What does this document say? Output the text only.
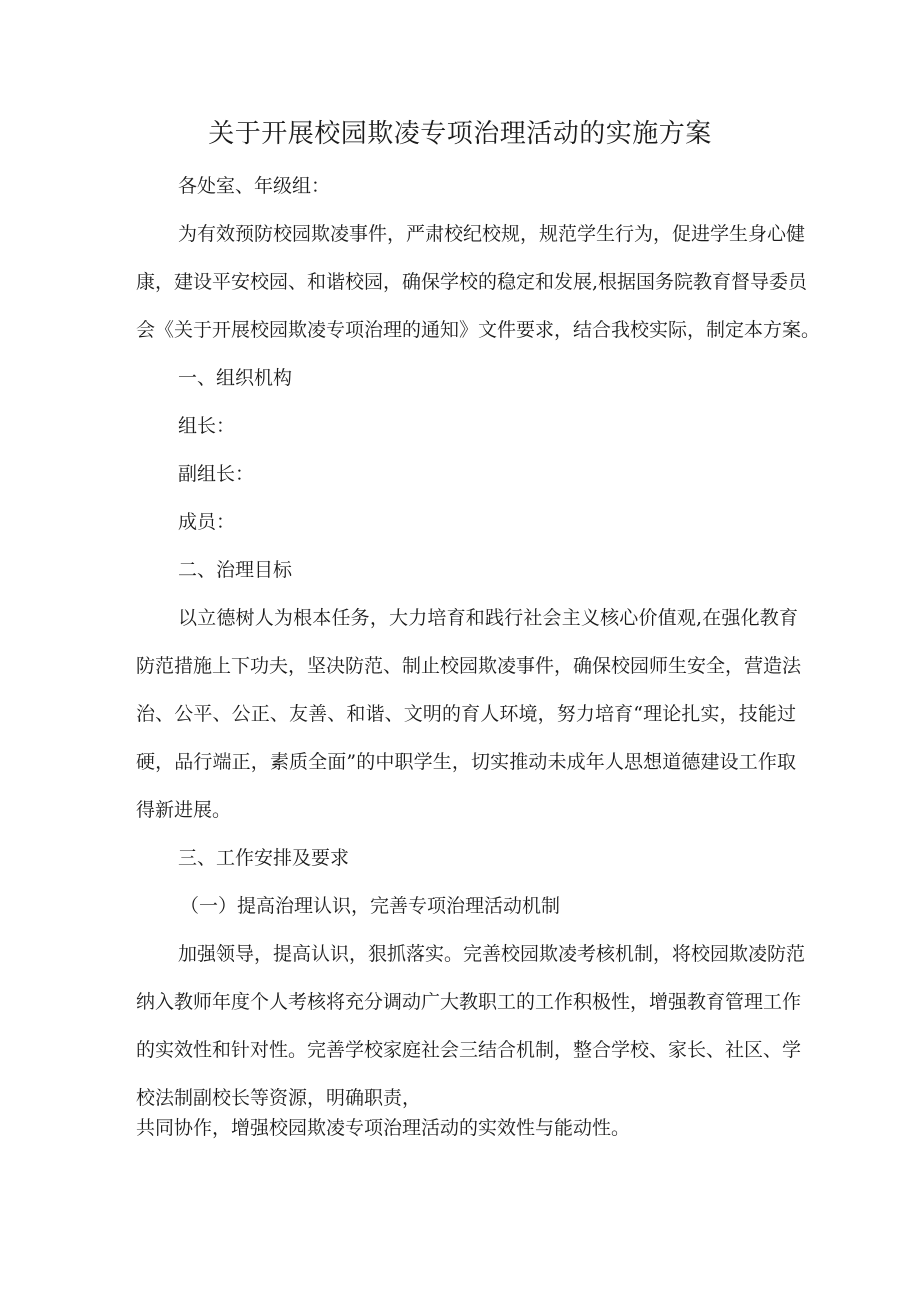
关于开展校园欺凌专项治理活动的实施方案
各处室、年级组：
为有效预防校园欺凌事件，严肃校纪校规，规范学生行为，促进学生身心健
康，建设平安校园、和谐校园，确保学校的稳定和发展,根据国务院教育督导委员
会《关于开展校园欺凌专项治理的通知》文件要求，结合我校实际，制定本方案。
一、组织机构
组长：
副组长：
成员：
二、治理目标
以立德树人为根本任务，大力培育和践行社会主义核心价值观,在强化教育
防范措施上下功夫，坚决防范、制止校园欺凌事件，确保校园师生安全，营造法
治、公平、公正、友善、和谐、文明的育人环境，努力培育“理论扎实，技能过
硬，品行端正，素质全面”的中职学生，切实推动未成年人思想道德建设工作取
得新进展。
三、工作安排及要求
（一）提高治理认识，完善专项治理活动机制
加强领导，提高认识，狠抓落实。完善校园欺凌考核机制，将校园欺凌防范
纳入教师年度个人考核将充分调动广大教职工的工作积极性，增强教育管理工作
的实效性和针对性。完善学校家庭社会三结合机制，整合学校、家长、社区、学
校法制副校长等资源，明确职责，
共同协作，增强校园欺凌专项治理活动的实效性与能动性。
